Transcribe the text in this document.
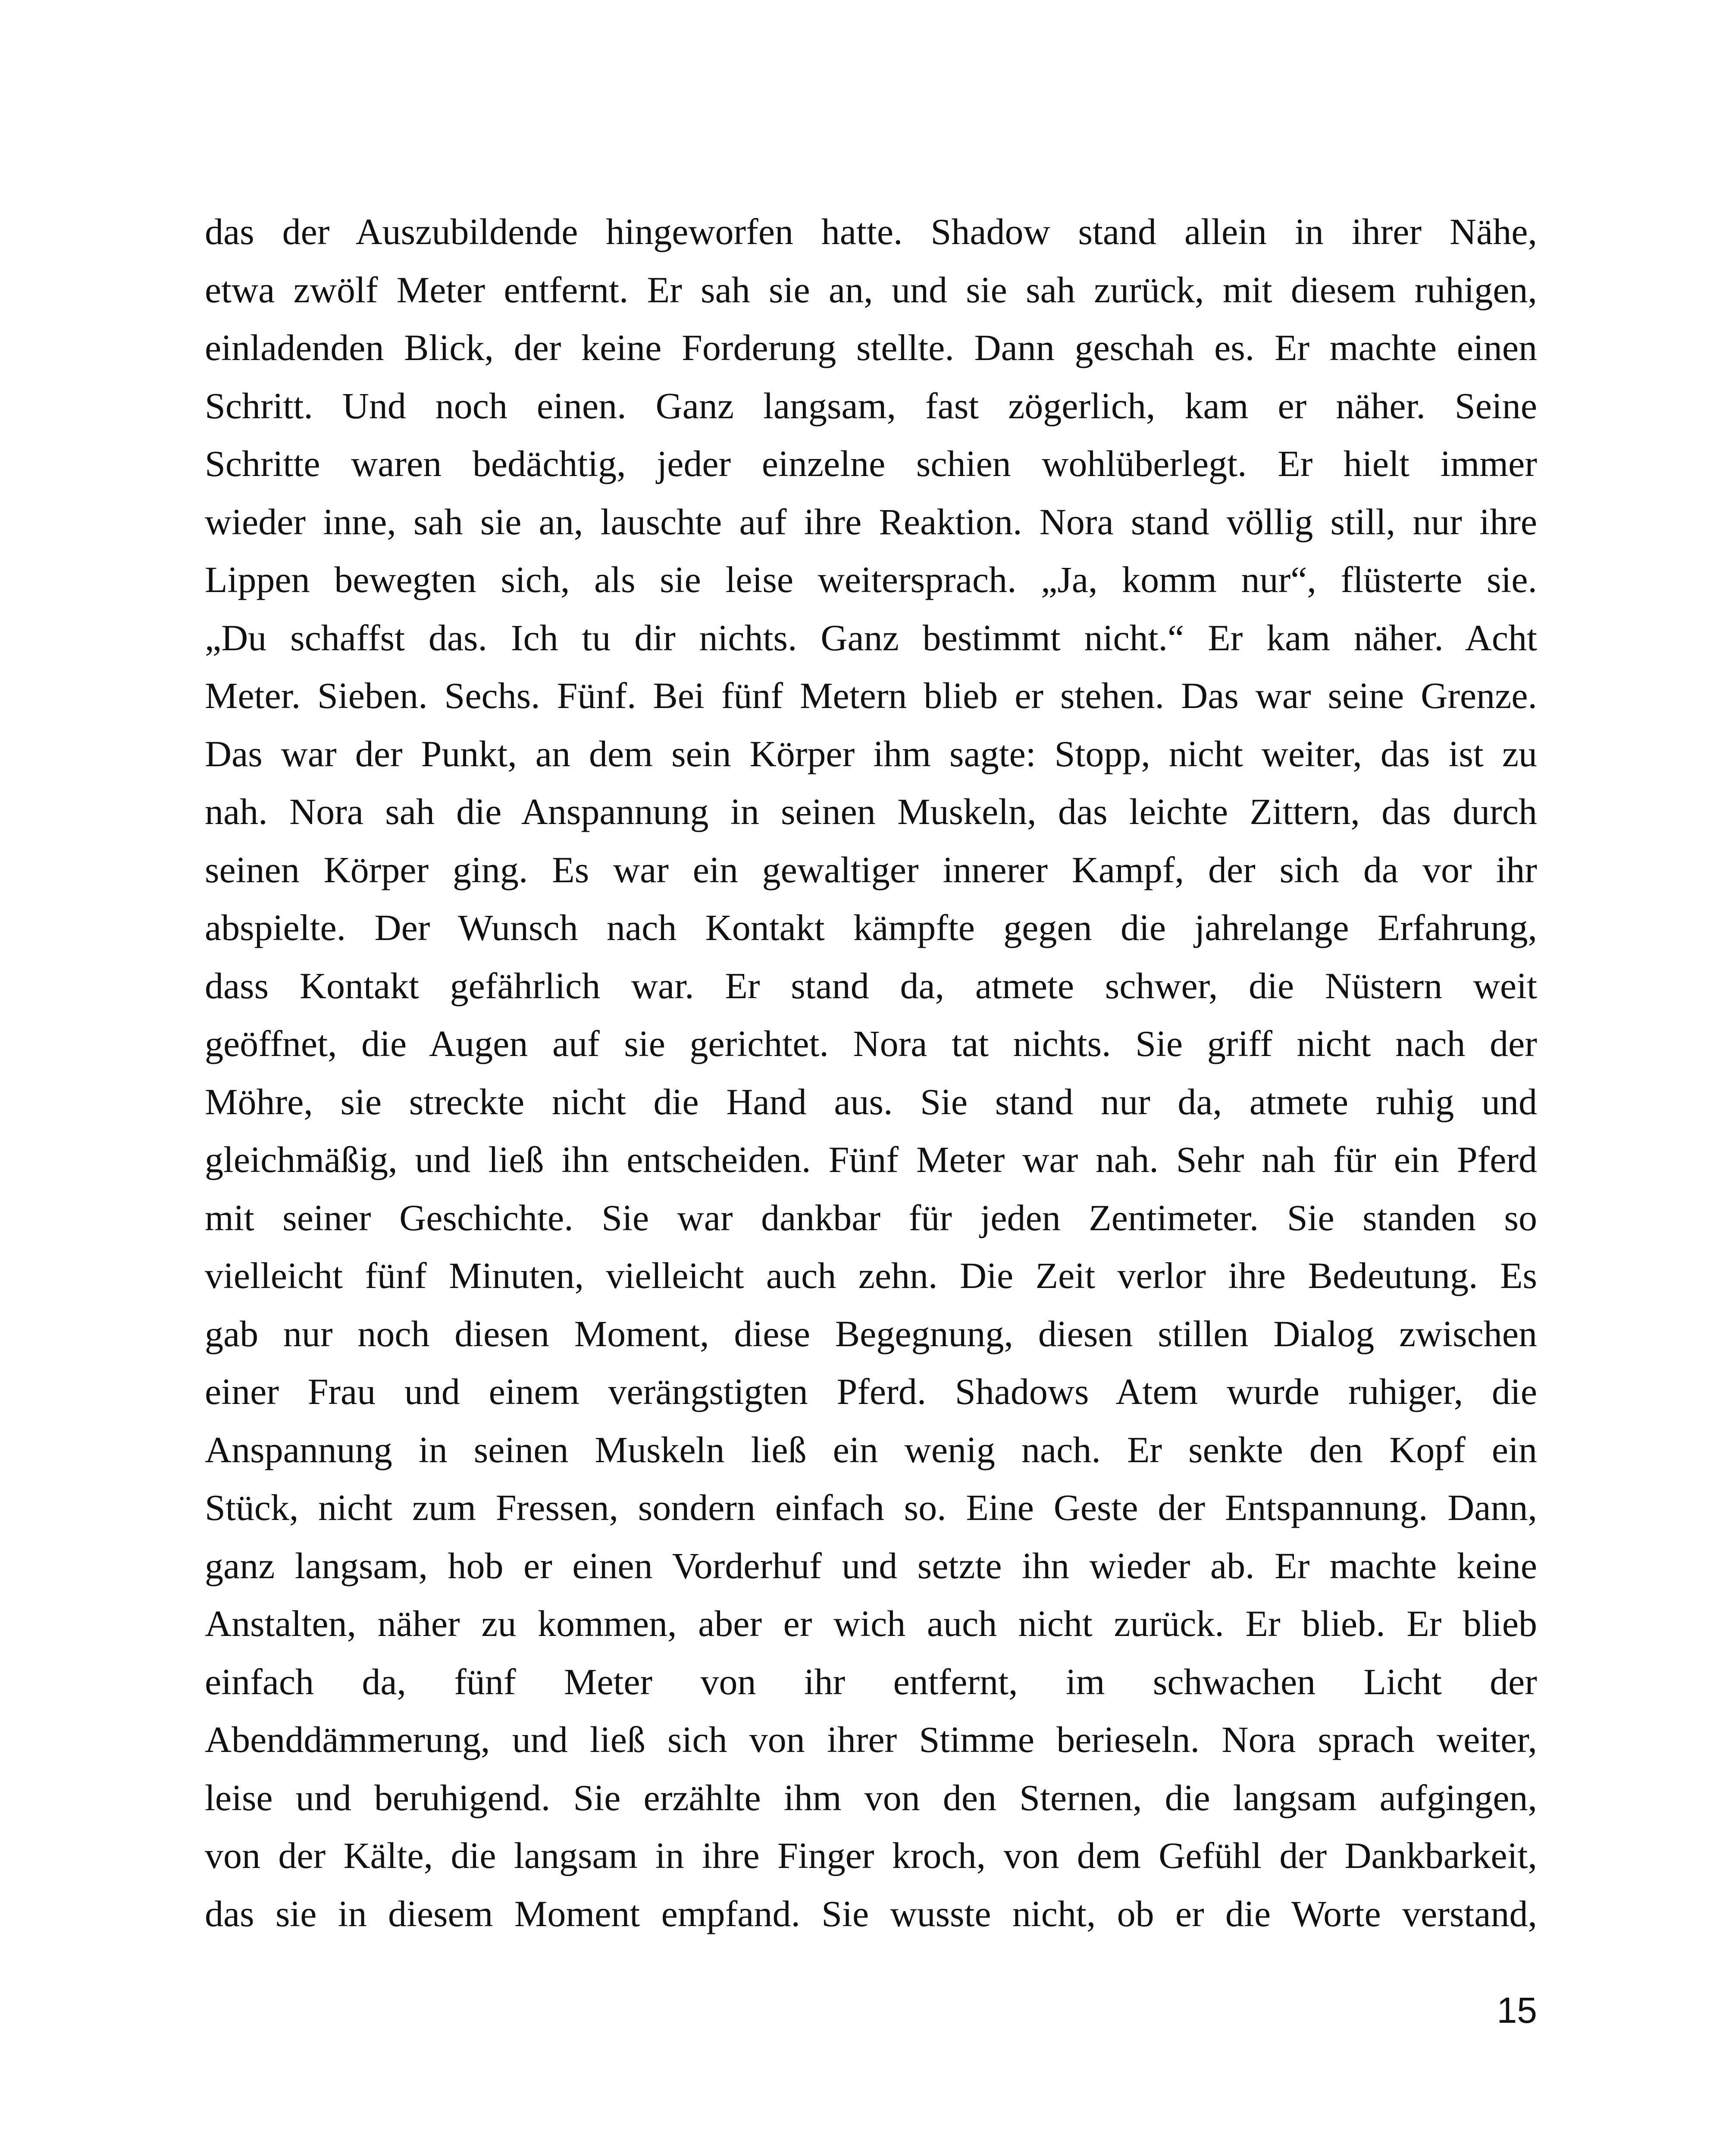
das der Auszubildende hingeworfen hatte. Shadow stand allein in ihrer Nähe,
etwa zwölf Meter entfernt. Er sah sie an, und sie sah zurück, mit diesem ruhigen,
einladenden Blick, der keine Forderung stellte. Dann geschah es. Er machte einen
Schritt. Und noch einen. Ganz langsam, fast zögerlich, kam er näher. Seine
Schritte waren bedächtig, jeder einzelne schien wohlüberlegt. Er hielt immer
wieder inne, sah sie an, lauschte auf ihre Reaktion. Nora stand völlig still, nur ihre
Lippen bewegten sich, als sie leise weitersprach. „Ja, komm nur“, flüsterte sie.
„Du schaffst das. Ich tu dir nichts. Ganz bestimmt nicht.“ Er kam näher. Acht
Meter. Sieben. Sechs. Fünf. Bei fünf Metern blieb er stehen. Das war seine Grenze.
Das war der Punkt, an dem sein Körper ihm sagte: Stopp, nicht weiter, das ist zu
nah. Nora sah die Anspannung in seinen Muskeln, das leichte Zittern, das durch
seinen Körper ging. Es war ein gewaltiger innerer Kampf, der sich da vor ihr
abspielte. Der Wunsch nach Kontakt kämpfte gegen die jahrelange Erfahrung,
dass Kontakt gefährlich war. Er stand da, atmete schwer, die Nüstern weit
geöffnet, die Augen auf sie gerichtet. Nora tat nichts. Sie griff nicht nach der
Möhre, sie streckte nicht die Hand aus. Sie stand nur da, atmete ruhig und
gleichmäßig, und ließ ihn entscheiden. Fünf Meter war nah. Sehr nah für ein Pferd
mit seiner Geschichte. Sie war dankbar für jeden Zentimeter. Sie standen so
vielleicht fünf Minuten, vielleicht auch zehn. Die Zeit verlor ihre Bedeutung. Es
gab nur noch diesen Moment, diese Begegnung, diesen stillen Dialog zwischen
einer Frau und einem verängstigten Pferd. Shadows Atem wurde ruhiger, die
Anspannung in seinen Muskeln ließ ein wenig nach. Er senkte den Kopf ein
Stück, nicht zum Fressen, sondern einfach so. Eine Geste der Entspannung. Dann,
ganz langsam, hob er einen Vorderhuf und setzte ihn wieder ab. Er machte keine
Anstalten, näher zu kommen, aber er wich auch nicht zurück. Er blieb. Er blieb
einfach da, fünf Meter von ihr entfernt, im schwachen Licht der
Abenddämmerung, und ließ sich von ihrer Stimme berieseln. Nora sprach weiter,
leise und beruhigend. Sie erzählte ihm von den Sternen, die langsam aufgingen,
von der Kälte, die langsam in ihre Finger kroch, von dem Gefühl der Dankbarkeit,
das sie in diesem Moment empfand. Sie wusste nicht, ob er die Worte verstand,
15
